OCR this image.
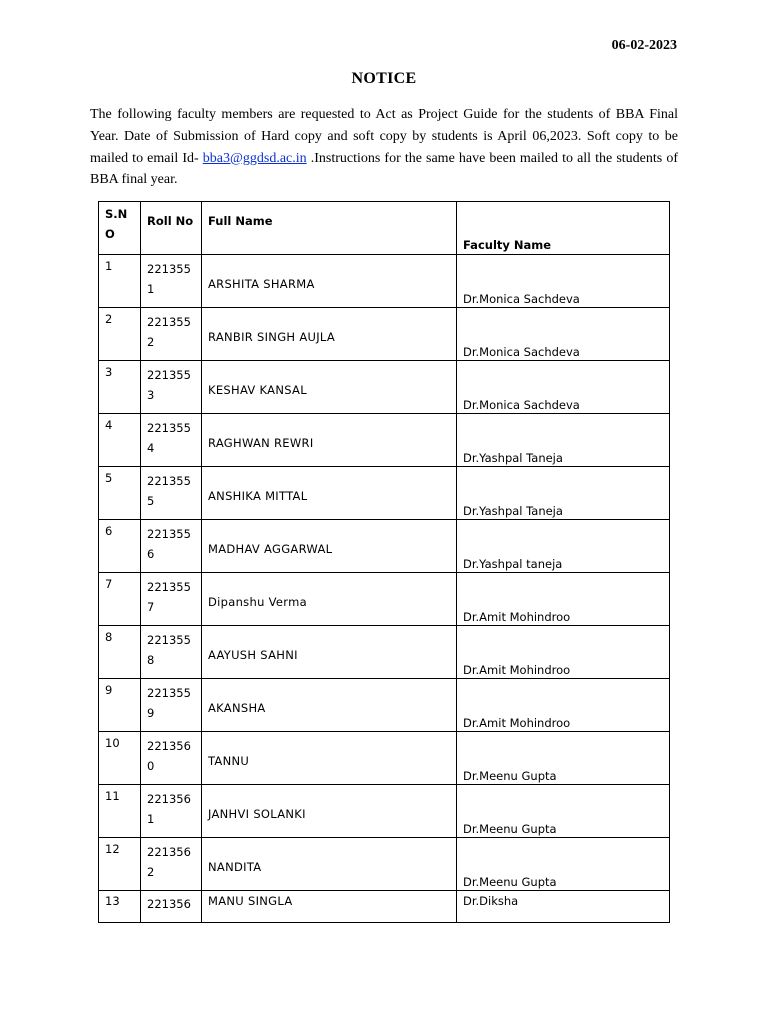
06-02-2023
NOTICE
The following faculty members are requested to Act as Project Guide for the students of BBA Final Year. Date of Submission of Hard copy and soft copy by students is April 06,2023. Soft copy to be mailed to email Id- bba3@ggdsd.ac.in .Instructions for the same have been mailed to all the students of BBA final year.
S.NO	Roll No	Full Name	Faculty Name

1	2213551	ARSHITA SHARMA	Dr.Monica Sachdeva

2	2213552	RANBIR SINGH AUJLA	Dr.Monica Sachdeva

3	2213553	KESHAV KANSAL	Dr.Monica Sachdeva

4	2213554	RAGHWAN REWRI	Dr.Yashpal Taneja

5	2213555	ANSHIKA MITTAL	Dr.Yashpal Taneja

6	2213556	MADHAV AGGARWAL	Dr.Yashpal taneja

7	2213557	Dipanshu Verma	Dr.Amit Mohindroo

8	2213558	AAYUSH SAHNI	Dr.Amit Mohindroo

9	2213559	AKANSHA	Dr.Amit Mohindroo

10	2213560	TANNU	Dr.Meenu Gupta

11	2213561	JANHVI SOLANKI	Dr.Meenu Gupta

12	2213562	NANDITA	Dr.Meenu Gupta

13	221356	MANU SINGLA	Dr.Diksha
